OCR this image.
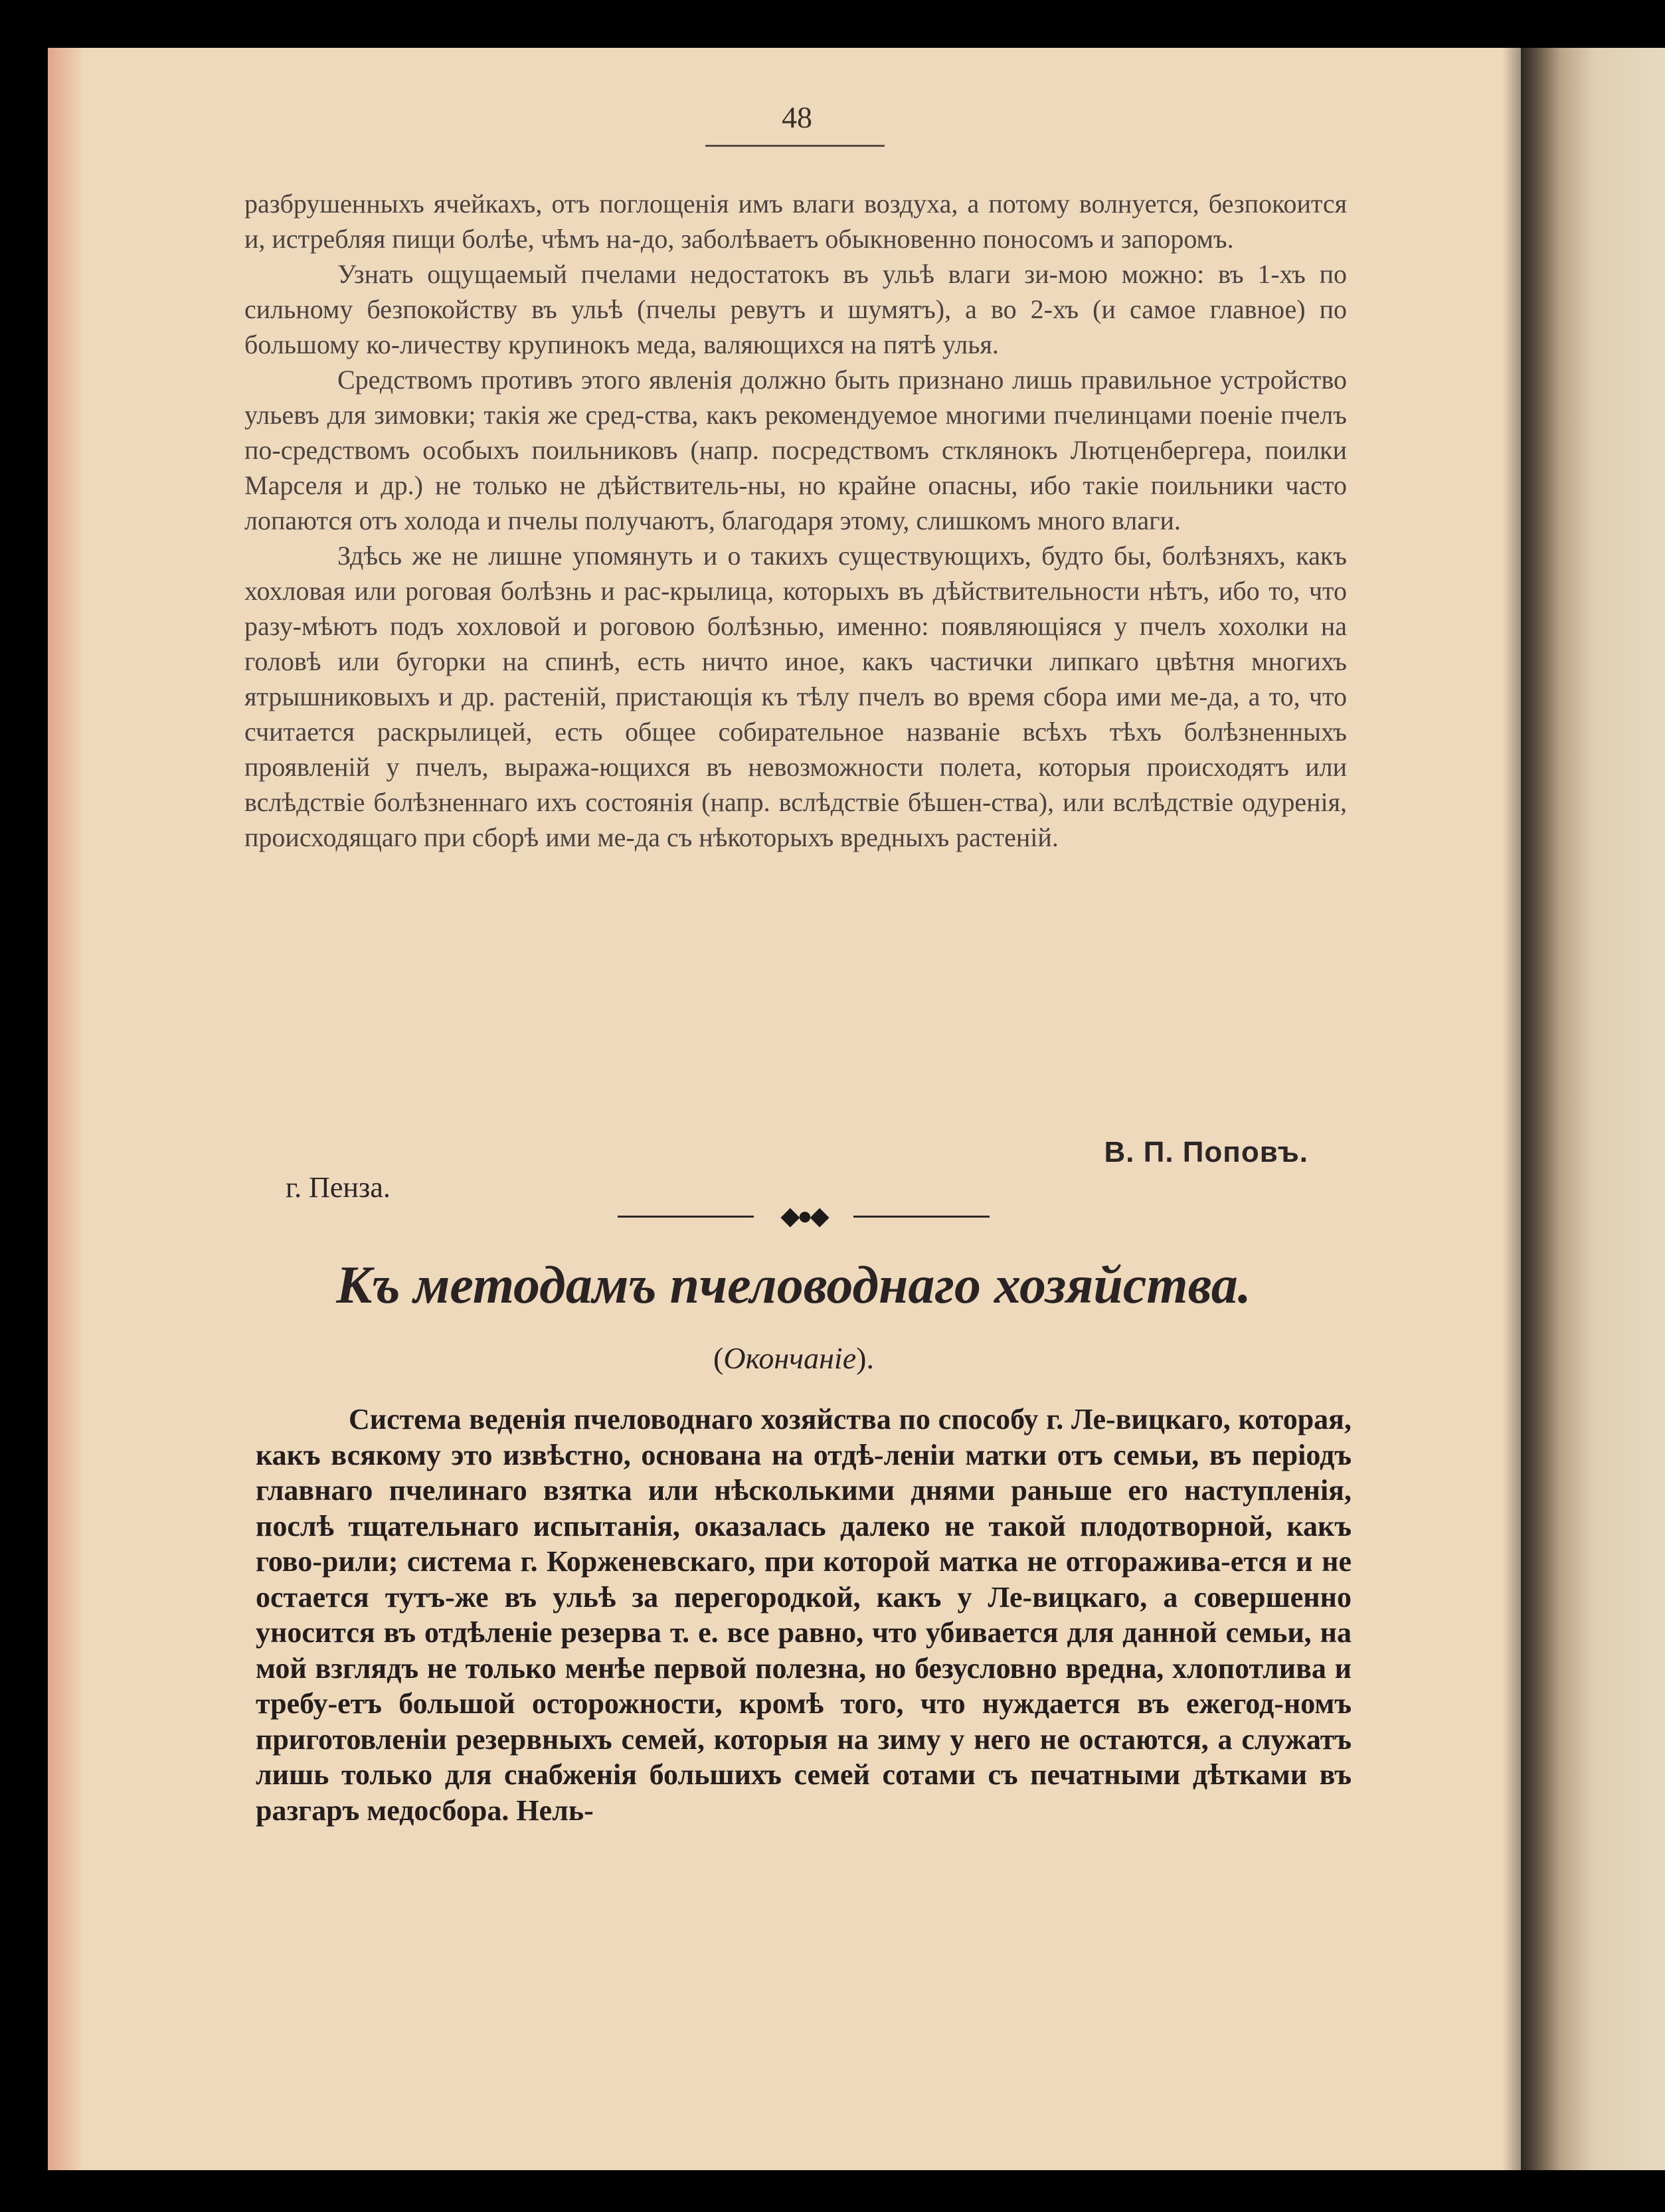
48

разбрушенныхъ ячейкахъ, отъ поглощенія имъ влаги воздуха, а потому волнуется, безпокоится и, истребляя пищи болѣе, чѣмъ на-до, заболѣваетъ обыкновенно поносомъ и запоромъ.

Узнать ощущаемый пчелами недостатокъ въ ульѣ влаги зи-мою можно: въ 1-хъ по сильному безпокойству въ ульѣ (пчелы ревутъ и шумятъ), а во 2-хъ (и самое главное) по большому ко-личеству крупинокъ меда, валяющихся на пятѣ улья.

Средствомъ противъ этого явленія должно быть признано лишь правильное устройство ульевъ для зимовки; такія же сред-ства, какъ рекомендуемое многими пчелинцами поеніе пчелъ по-средствомъ особыхъ поильниковъ (напр. посредствомъ стклянокъ Лютценбергера, поилки Марселя и др.) не только не дѣйствитель-ны, но крайне опасны, ибо такіе поильники часто лопаются отъ холода и пчелы получаютъ, благодаря этому, слишкомъ много влаги.

Здѣсь же не лишне упомянуть и о такихъ существующихъ, будто бы, болѣзняхъ, какъ хохловая или роговая болѣзнь и рас-крылица, которыхъ въ дѣйствительности нѣтъ, ибо то, что разу-мѣютъ подъ хохловой и роговою болѣзнью, именно: появляющіяся у пчелъ хохолки на головѣ или бугорки на спинѣ, есть ничто иное, какъ частички липкаго цвѣтня многихъ ятрышниковыхъ и др. растеній, пристающія къ тѣлу пчелъ во время сбора ими ме-да, а то, что считается раскрылицей, есть общее собирательное названіе всѣхъ тѣхъ болѣзненныхъ проявленій у пчелъ, выража-ющихся въ невозможности полета, которыя происходятъ или вслѣдствіе болѣзненнаго ихъ состоянія (напр. вслѣдствіе бѣшен-ства), или вслѣдствіе одуренія, происходящаго при сборѣ ими ме-да съ нѣкоторыхъ вредныхъ растеній.

В. П. Поповъ.
г. Пенза.
◆●◆
Къ методамъ пчеловоднаго хозяйства.
(Окончаніе).

Система веденія пчеловоднаго хозяйства по способу г. Ле-вицкаго, которая, какъ всякому это извѣстно, основана на отдѣ-леніи матки отъ семьи, въ періодъ главнаго пчелинаго взятка или нѣсколькими днями раньше его наступленія, послѣ тщательнаго испытанія, оказалась далеко не такой плодотворной, какъ гово-рили; система г. Корженевскаго, при которой матка не отгоражива-ется и не остается тутъ-же въ ульѣ за перегородкой, какъ у Ле-вицкаго, а совершенно уносится въ отдѣленіе резерва т. е. все равно, что убивается для данной семьи, на мой взглядъ не только менѣе первой полезна, но безусловно вредна, хлопотлива и требу-етъ большой осторожности, кромѣ того, что нуждается въ ежегод-номъ приготовленіи резервныхъ семей, которыя на зиму у него не остаются, а служатъ лишь только для снабженія большихъ семей сотами съ печатными дѣтками въ разгаръ медосбора. Нель-
